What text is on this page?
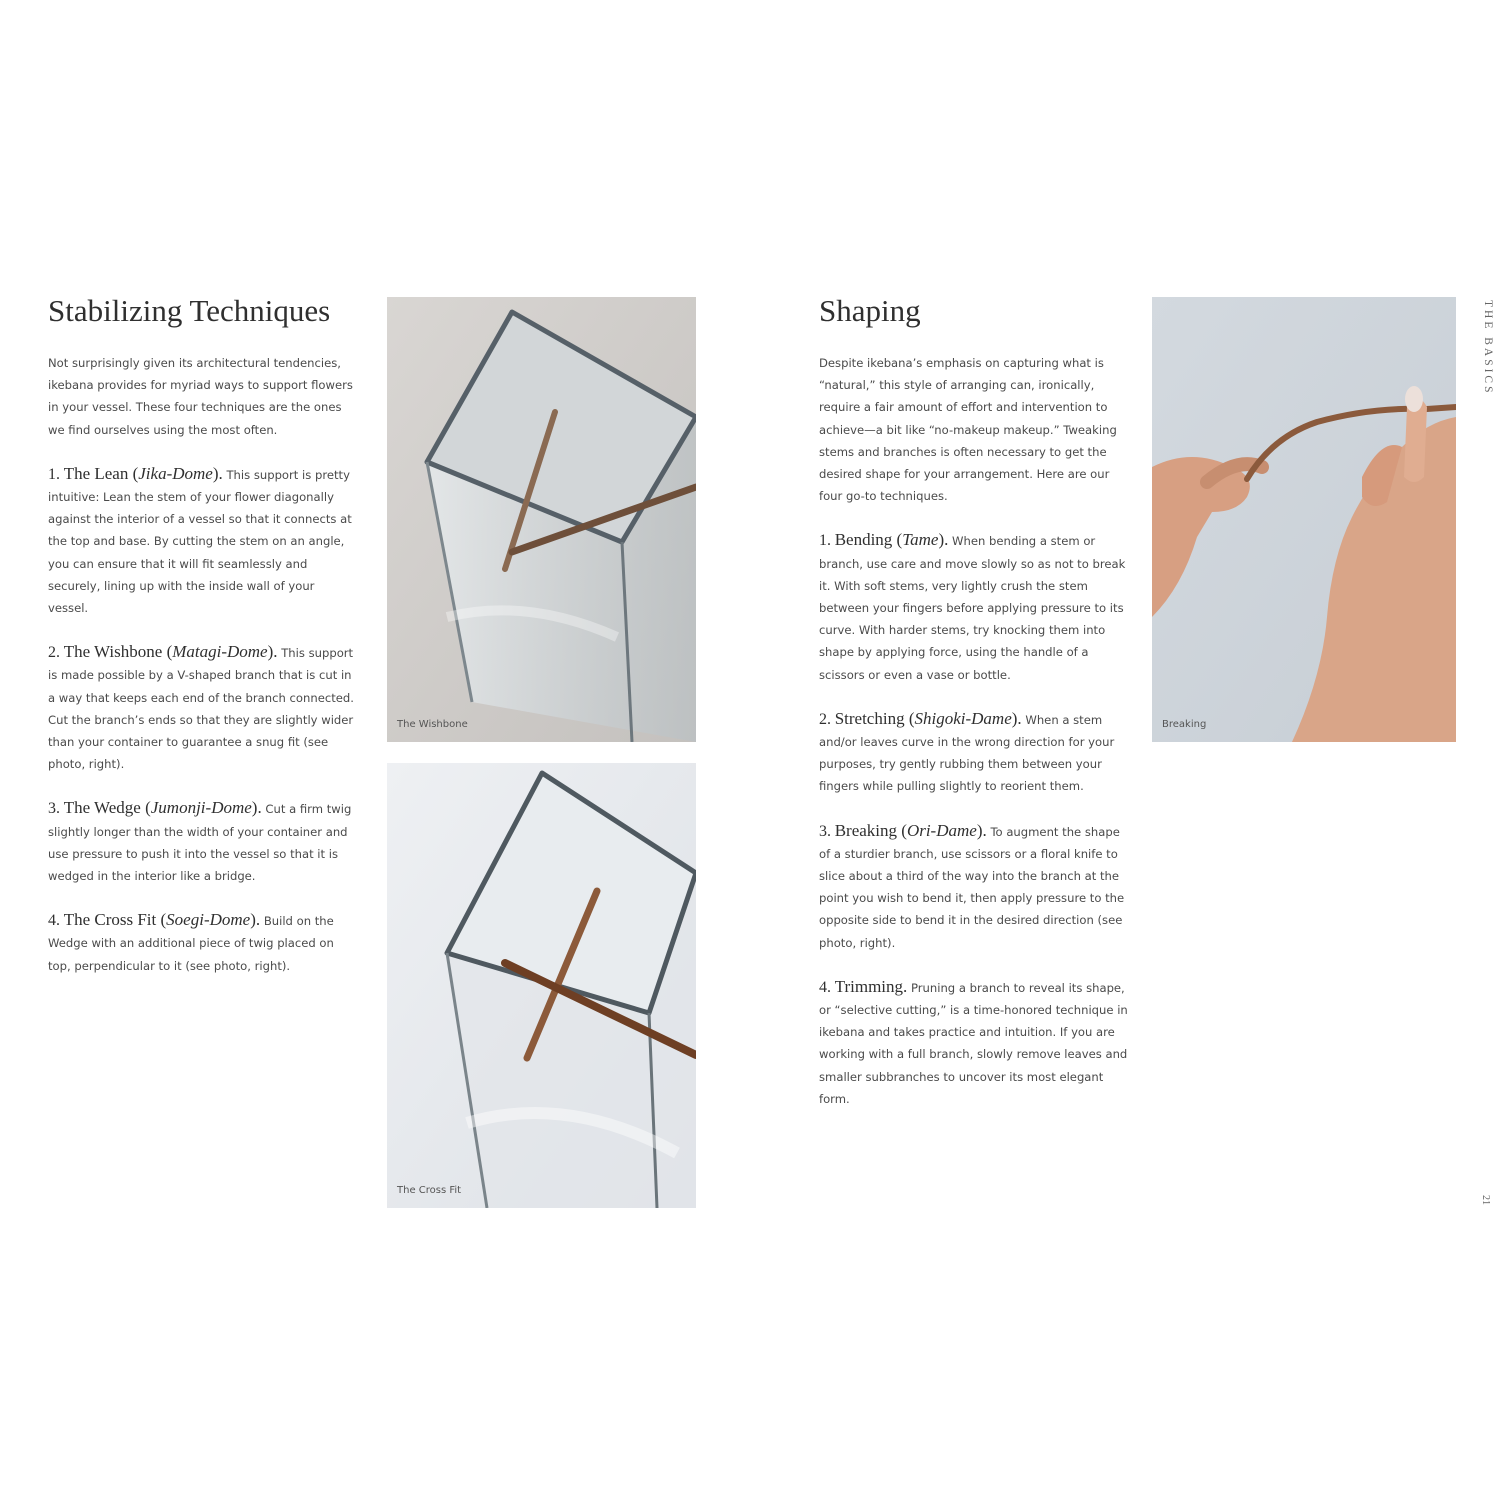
Stabilizing Techniques

Not surprisingly given its architectural tendencies, ikebana provides for myriad ways to support flowers in your vessel. These four techniques are the ones we find ourselves using the most often.

1. The Lean (Jika-Dome). This support is pretty intuitive: Lean the stem of your flower diagonally against the interior of a vessel so that it connects at the top and base. By cutting the stem on an angle, you can ensure that it will fit seamlessly and securely, lining up with the inside wall of your vessel.

2. The Wishbone (Matagi-Dome). This support is made possible by a V-shaped branch that is cut in a way that keeps each end of the branch connected. Cut the branch’s ends so that they are slightly wider than your container to guarantee a snug fit (see photo, right).

3. The Wedge (Jumonji-Dome). Cut a firm twig slightly longer than the width of your container and use pressure to push it into the vessel so that it is wedged in the interior like a bridge.

4. The Cross Fit (Soegi-Dome). Build on the Wedge with an additional piece of twig placed on top, perpendicular to it (see photo, right).

The Wishbone
The Cross Fit
Shaping

Despite ikebana’s emphasis on capturing what is “natural,” this style of arranging can, ironically, require a fair amount of effort and intervention to achieve—a bit like “no-makeup makeup.” Tweaking stems and branches is often necessary to get the desired shape for your arrangement. Here are our four go-to techniques.

1. Bending (Tame). When bending a stem or branch, use care and move slowly so as not to break it. With soft stems, very lightly crush the stem between your fingers before applying pressure to its curve. With harder stems, try knocking them into shape by applying force, using the handle of a scissors or even a vase or bottle.

2. Stretching (Shigoki-Dame). When a stem and/or leaves curve in the wrong direction for your purposes, try gently rubbing them between your fingers while pulling slightly to reorient them.

3. Breaking (Ori-Dame). To augment the shape of a sturdier branch, use scissors or a floral knife to slice about a third of the way into the branch at the point you wish to bend it, then apply pressure to the opposite side to bend it in the desired direction (see photo, right).

4. Trimming. Pruning a branch to reveal its shape, or “selective cutting,” is a time-honored technique in ikebana and takes practice and intuition. If you are working with a full branch, slowly remove leaves and smaller subbranches to uncover its most elegant form.

Breaking
THE BASICS
21
